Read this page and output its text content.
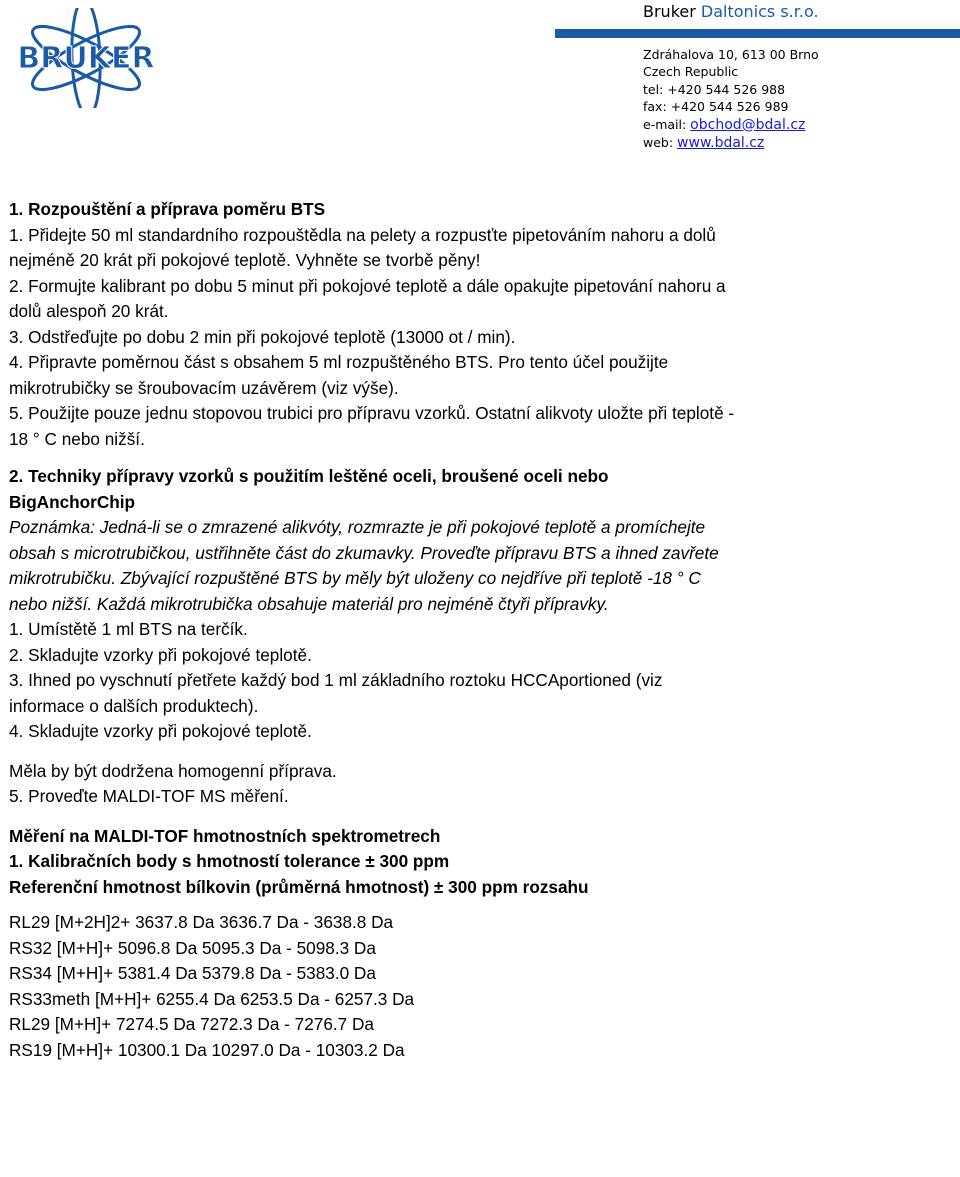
BRUKER
Bruker Daltonics s.r.o.
Zdráhalova 10, 613 00 Brno
Czech Republic
tel: +420 544 526 988
fax: +420 544 526 989
e-mail: obchod@bdal.cz
web: www.bdal.cz

1. Rozpouštění a příprava poměru BTS

1. Přidejte 50 ml standardního rozpouštědla na pelety a rozpusťte pipetováním nahoru a dolů

nejméně 20 krát při pokojové teplotě. Vyhněte se tvorbě pěny!

2. Formujte kalibrant po dobu 5 minut při pokojové teplotě a dále opakujte pipetování nahoru a

dolů alespoň 20 krát.

3. Odstřeďujte po dobu 2 min při pokojové teplotě (13000 ot / min).

4. Připravte poměrnou část s obsahem 5 ml rozpuštěného BTS. Pro tento účel použijte

mikrotrubičky se šroubovacím uzávěrem (viz výše).

5. Použijte pouze jednu stopovou trubici pro přípravu vzorků. Ostatní alikvoty uložte při teplotě -

18 ° C nebo nižší.

2. Techniky přípravy vzorků s použitím leštěné oceli, broušené oceli nebo

BigAnchorChip

Poznámka: Jedná-li se o zmrazené alikvóty, rozmrazte je při pokojové teplotě a promíchejte

obsah s microtrubičkou, ustřihněte část do zkumavky. Proveďte přípravu BTS a ihned zavřete

mikrotrubičku. Zbývající rozpuštěné BTS by měly být uloženy co nejdříve při teplotě -18 ° C

nebo nižší. Každá mikrotrubička obsahuje materiál pro nejméně čtyři přípravky.

1. Umístětě 1 ml BTS na terčík.

2. Skladujte vzorky při pokojové teplotě.

3. Ihned po vyschnutí přetřete každý bod 1 ml základního roztoku HCCAportioned (viz

informace o dalších produktech).

4. Skladujte vzorky při pokojové teplotě.

Měla by být dodržena homogenní příprava.

5. Proveďte MALDI-TOF MS měření.

Měření na MALDI-TOF hmotnostních spektrometrech

1. Kalibračních body s hmotností tolerance ± 300 ppm

Referenční hmotnost bílkovin (průměrná hmotnost) ± 300 ppm rozsahu

RL29 [M+2H]2+ 3637.8 Da 3636.7 Da - 3638.8 Da

RS32 [M+H]+ 5096.8 Da 5095.3 Da - 5098.3 Da

RS34 [M+H]+ 5381.4 Da 5379.8 Da - 5383.0 Da

RS33meth [M+H]+ 6255.4 Da 6253.5 Da - 6257.3 Da

RL29 [M+H]+ 7274.5 Da 7272.3 Da - 7276.7 Da

RS19 [M+H]+ 10300.1 Da 10297.0 Da - 10303.2 Da
